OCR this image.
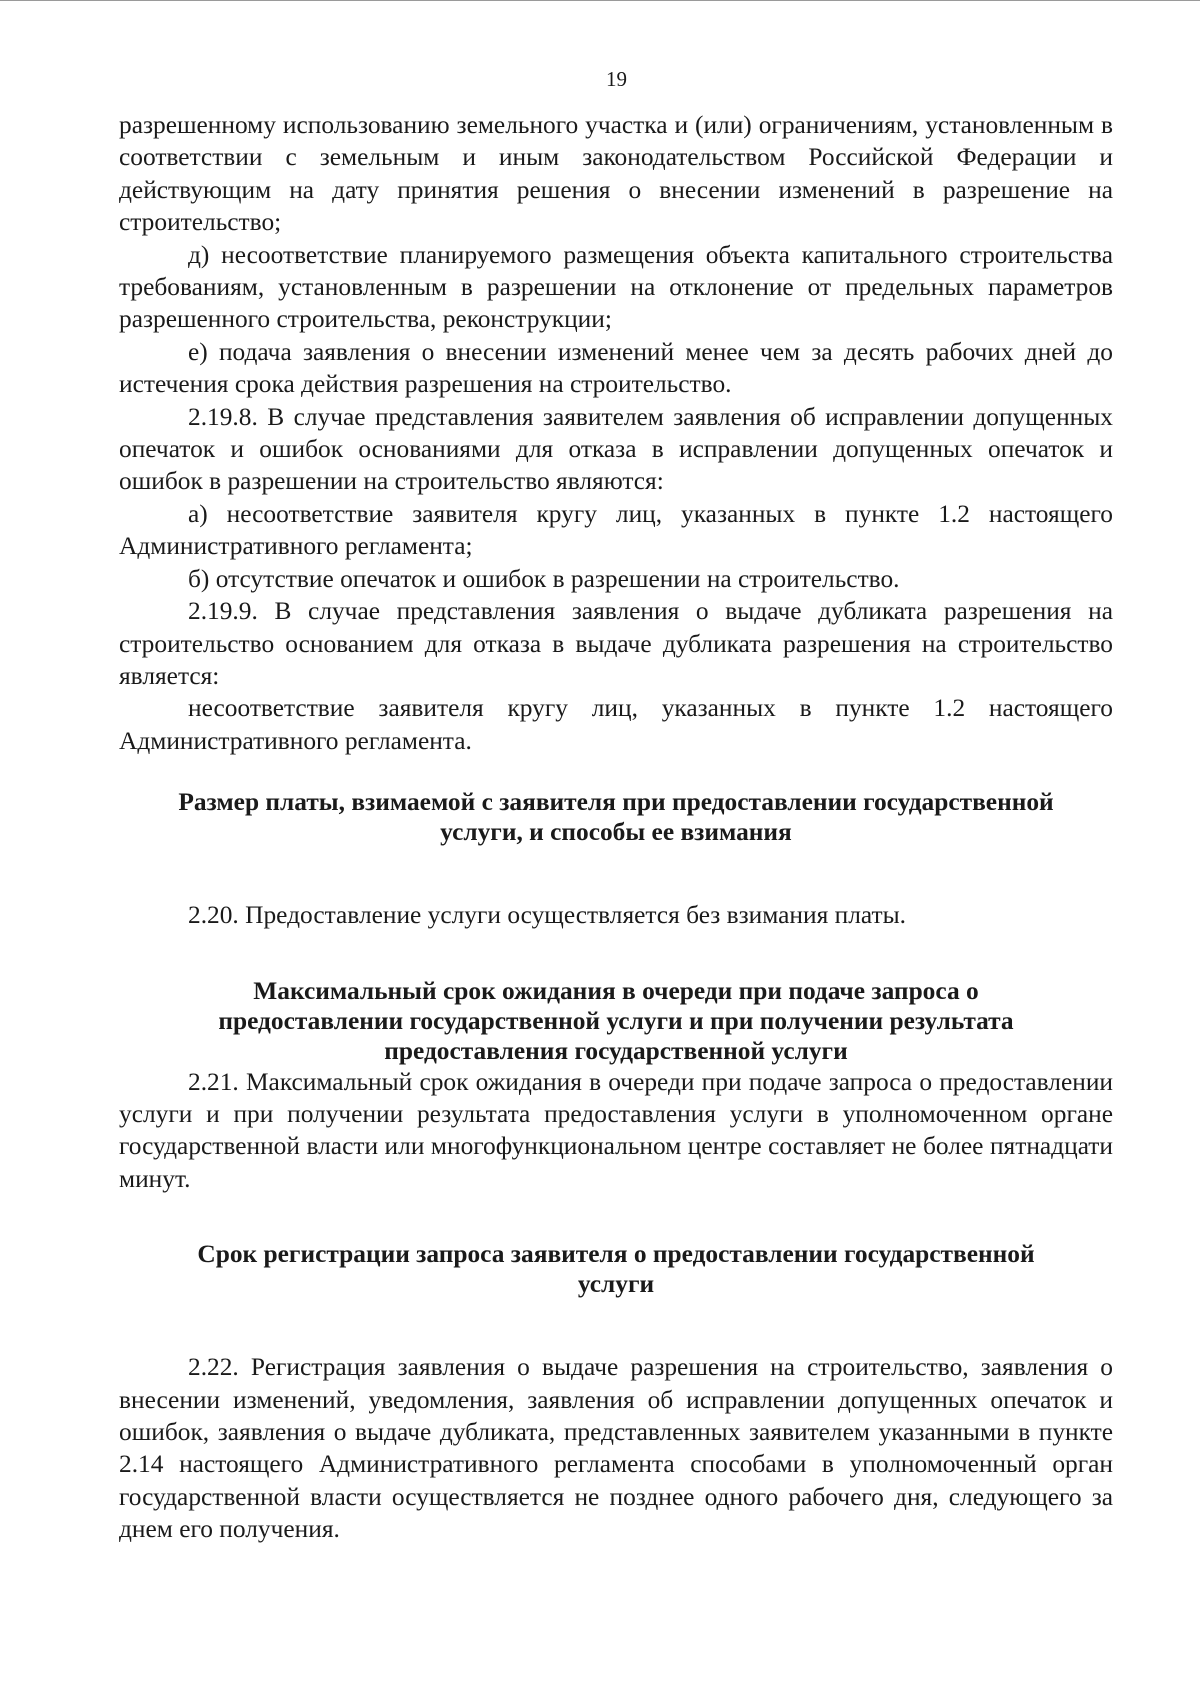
19

разрешенному использованию земельного участка и (или) ограничениям, установленным в соответствии с земельным и иным законодательством Российской Федерации и действующим на дату принятия решения о внесении изменений в разрешение на строительство;

д) несоответствие планируемого размещения объекта капитального строительства требованиям, установленным в разрешении на отклонение от предельных параметров разрешенного строительства, реконструкции;

е) подача заявления о внесении изменений менее чем за десять рабочих дней до истечения срока действия разрешения на строительство.

2.19.8. В случае представления заявителем заявления об исправлении допущенных опечаток и ошибок основаниями для отказа в исправлении допущенных опечаток и ошибок в разрешении на строительство являются:

а) несоответствие заявителя кругу лиц, указанных в пункте 1.2 настоящего Административного регламента;

б) отсутствие опечаток и ошибок в разрешении на строительство.

2.19.9. В случае представления заявления о выдаче дубликата разрешения на строительство основанием для отказа в выдаче дубликата разрешения на строительство является:

несоответствие заявителя кругу лиц, указанных в пункте 1.2 настоящего Административного регламента.

Размер платы, взимаемой с заявителя при предоставлении государственной
услуги, и способы ее взимания

2.20. Предоставление услуги осуществляется без взимания платы.

Максимальный срок ожидания в очереди при подаче запроса о
предоставлении государственной услуги и при получении результата
предоставления государственной услуги

2.21. Максимальный срок ожидания в очереди при подаче запроса о предоставлении услуги и при получении результата предоставления услуги в уполномоченном органе государственной власти или многофункциональном центре составляет не более пятнадцати минут.

Срок регистрации запроса заявителя о предоставлении государственной
услуги

2.22. Регистрация заявления о выдаче разрешения на строительство, заявления о внесении изменений, уведомления, заявления об исправлении допущенных опечаток и ошибок, заявления о выдаче дубликата, представленных заявителем указанными в пункте 2.14 настоящего Административного регламента способами в уполномоченный орган государственной власти осуществляется не позднее одного рабочего дня, следующего за днем его получения.
